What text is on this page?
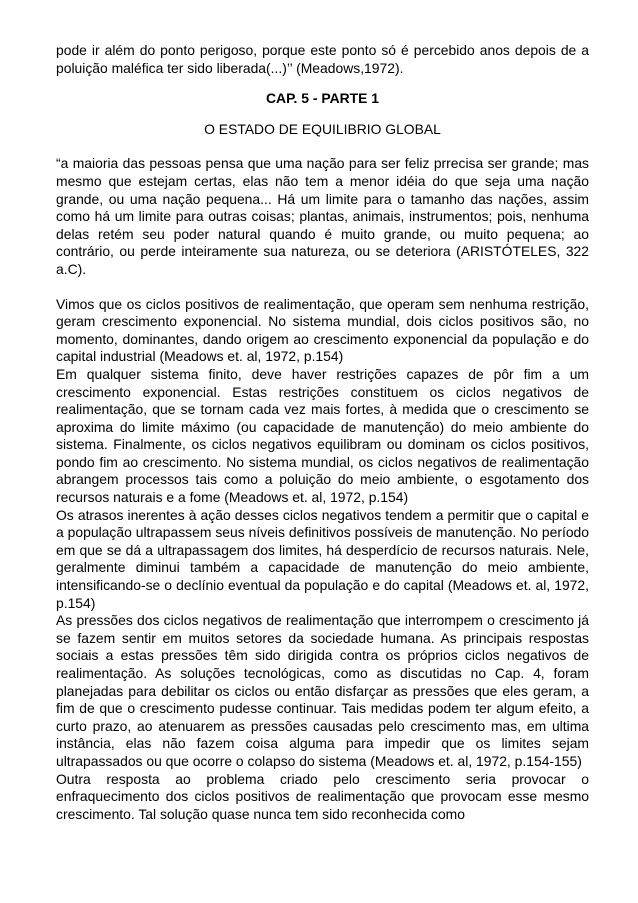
pode ir além do ponto perigoso, porque este ponto só é percebido anos depois de a poluição maléfica ter sido liberada(...)’’ (Meadows,1972).

CAP. 5 - PARTE 1

O ESTADO DE EQUILIBRIO GLOBAL

“a maioria das pessoas pensa que uma nação para ser feliz prrecisa ser grande; mas mesmo que estejam certas, elas não tem a menor idéia do que seja uma nação grande, ou uma nação pequena... Há um limite para o tamanho das nações, assim como há um limite para outras coisas; plantas, animais, instrumentos; pois, nenhuma delas retém seu poder natural quando é muito grande, ou muito pequena; ao contrário, ou perde inteiramente sua natureza, ou se deteriora (ARISTÓTELES, 322 a.C).

Vimos que os ciclos positivos de realimentação, que operam sem nenhuma restrição, geram crescimento exponencial. No sistema mundial, dois ciclos positivos são, no momento, dominantes, dando origem ao crescimento exponencial da população e do capital industrial (Meadows et. al, 1972, p.154)

Em qualquer sistema finito, deve haver restrições capazes de pôr fim a um crescimento exponencial. Estas restrições constituem os ciclos negativos de realimentação, que se tornam cada vez mais fortes, à medida que o crescimento se aproxima do limite máximo (ou capacidade de manutenção) do meio ambiente do sistema. Finalmente, os ciclos negativos equilibram ou dominam os ciclos positivos, pondo fim ao crescimento. No sistema mundial, os ciclos negativos de realimentação abrangem processos tais como a poluição do meio ambiente, o esgotamento dos recursos naturais e a fome (Meadows et. al, 1972, p.154)

Os atrasos inerentes à ação desses ciclos negativos tendem a permitir que o capital e a população ultrapassem seus níveis definitivos possíveis de manutenção. No período em que se dá a ultrapassagem dos limites, há desperdício de recursos naturais. Nele, geralmente diminui também a capacidade de manutenção do meio ambiente, intensificando-se o declínio eventual da população e do capital (Meadows et. al, 1972, p.154)

As pressões dos ciclos negativos de realimentação que interrompem o crescimento já se fazem sentir em muitos setores da sociedade humana. As principais respostas sociais a estas pressões têm sido dirigida contra os próprios ciclos negativos de realimentação. As soluções tecnológicas, como as discutidas no Cap. 4, foram planejadas para debilitar os ciclos ou então disfarçar as pressões que eles geram, a fim de que o crescimento pudesse continuar. Tais medidas podem ter algum efeito, a curto prazo, ao atenuarem as pressões causadas pelo crescimento mas, em ultima instância, elas não fazem coisa alguma para impedir que os limites sejam ultrapassados ou que ocorre o colapso do sistema (Meadows et. al, 1972, p.154-155)

Outra resposta ao problema criado pelo crescimento seria provocar o enfraquecimento dos ciclos positivos de realimentação que provocam esse mesmo crescimento. Tal solução quase nunca tem sido reconhecida como
